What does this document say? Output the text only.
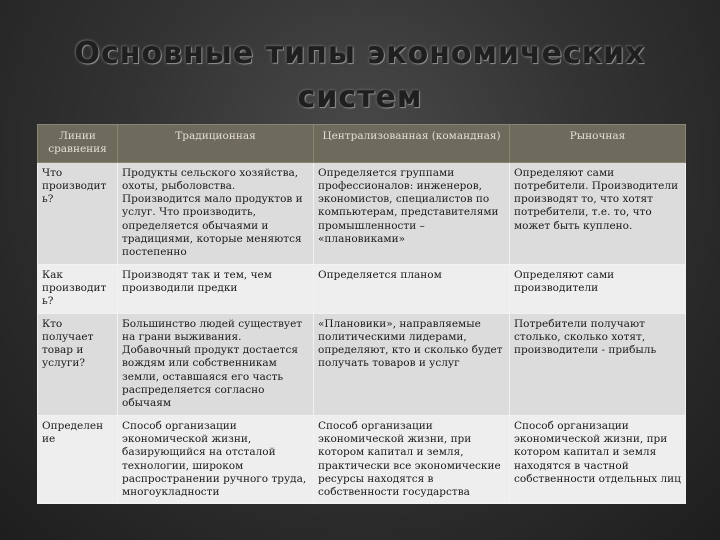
Основные типы экономических
систем
Линии сравнения	Традиционная	Централизованная (командная)	Рыночная
Что производит ь?	Продукты сельского хозяйства, охоты, рыболовства. Производится мало продуктов и услуг. Что производить, определяется обычаями и традициями, которые меняются постепенно	Определяется группами профессионалов: инженеров, экономистов, специалистов по компьютерам, представителями промышленности – «плановиками»	Определяют сами потребители. Производители производят то, что хотят потребители, т.е. то, что может быть куплено.
Как производит ь?	Производят так и тем, чем производили предки	Определяется планом	Определяют сами производители
Кто получает товар и услуги?	Большинство людей существует на грани выживания. Добавочный продукт достается вождям или собственникам земли, оставшаяся его часть распределяется согласно обычаям	«Плановики», направляемые политическими лидерами, определяют, кто и сколько будет получать товаров и услуг	Потребители получают столько, сколько хотят, производители - прибыль
Определен ие	Способ организации экономической жизни, базирующийся на отсталой технологии, широком распространении ручного труда, многоукладности	Способ организации экономической жизни, при котором капитал и земля, практически все экономические ресурсы находятся в собственности государства	Способ организации экономической жизни, при котором капитал и земля находятся в частной собственности отдельных лиц
